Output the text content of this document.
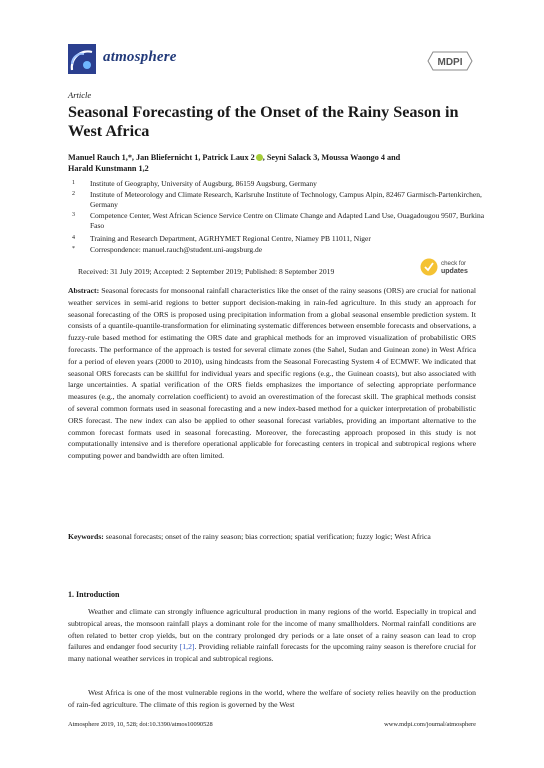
atmosphere	MDPI
Article
Seasonal Forecasting of the Onset of the Rainy Season in West Africa
Manuel Rauch 1,*, Jan Bliefernicht 1, Patrick Laux 2 , Seyni Salack 3, Moussa Waongo 4 and
Harald Kunstmann 1,2
1 Institute of Geography, University of Augsburg, 86159 Augsburg, Germany
2 Institute of Meteorology and Climate Research, Karlsruhe Institute of Technology, Campus Alpin, 82467 Garmisch-Partenkirchen, Germany
3 Competence Center, West African Science Service Centre on Climate Change and Adapted Land Use, Ouagadougou 9507, Burkina Faso
4 Training and Research Department, AGRHYMET Regional Centre, Niamey PB 11011, Niger
* Correspondence: manuel.rauch@student.uni-augsburg.de
Received: 31 July 2019; Accepted: 2 September 2019; Published: 8 September 2019
check for
updates
Abstract: Seasonal forecasts for monsoonal rainfall characteristics like the onset of the rainy seasons (ORS) are crucial for national weather services in semi-arid regions to better support decision-making in rain-fed agriculture. In this study an approach for seasonal forecasting of the ORS is proposed using precipitation information from a global seasonal ensemble prediction system. It consists of a quantile-quantile-transformation for eliminating systematic differences between ensemble forecasts and observations, a fuzzy-rule based method for estimating the ORS date and graphical methods for an improved visualization of probabilistic ORS forecasts. The performance of the approach is tested for several climate zones (the Sahel, Sudan and Guinean zone) in West Africa for a period of eleven years (2000 to 2010), using hindcasts from the Seasonal Forecasting System 4 of ECMWF. We indicated that seasonal ORS forecasts can be skillful for individual years and specific regions (e.g., the Guinean coasts), but also associated with large uncertainties. A spatial verification of the ORS fields emphasizes the importance of selecting appropriate performance measures (e.g., the anomaly correlation coefficient) to avoid an overestimation of the forecast skill. The graphical methods consist of several common formats used in seasonal forecasting and a new index-based method for a quicker interpretation of probabilistic ORS forecast. The new index can also be applied to other seasonal forecast variables, providing an important alternative to the common forecast formats used in seasonal forecasting. Moreover, the forecasting approach proposed in this study is not computationally intensive and is therefore operational applicable for forecasting centers in tropical and subtropical regions where computing power and bandwidth are often limited.
Keywords: seasonal forecasts; onset of the rainy season; bias correction; spatial verification; fuzzy logic; West Africa
1. Introduction
Weather and climate can strongly influence agricultural production in many regions of the world. Especially in tropical and subtropical areas, the monsoon rainfall plays a dominant role for the income of many smallholders. Normal rainfall conditions are often related to better crop yields, but on the contrary prolonged dry periods or a late onset of a rainy season can lead to crop failures and endanger food security [1,2]. Providing reliable rainfall forecasts for the upcoming rainy season is therefore crucial for many national weather services in tropical and subtropical regions.
West Africa is one of the most vulnerable regions in the world, where the welfare of society relies heavily on the production of rain-fed agriculture. The climate of this region is governed by the West
Atmosphere 2019, 10, 528; doi:10.3390/atmos10090528	www.mdpi.com/journal/atmosphere
